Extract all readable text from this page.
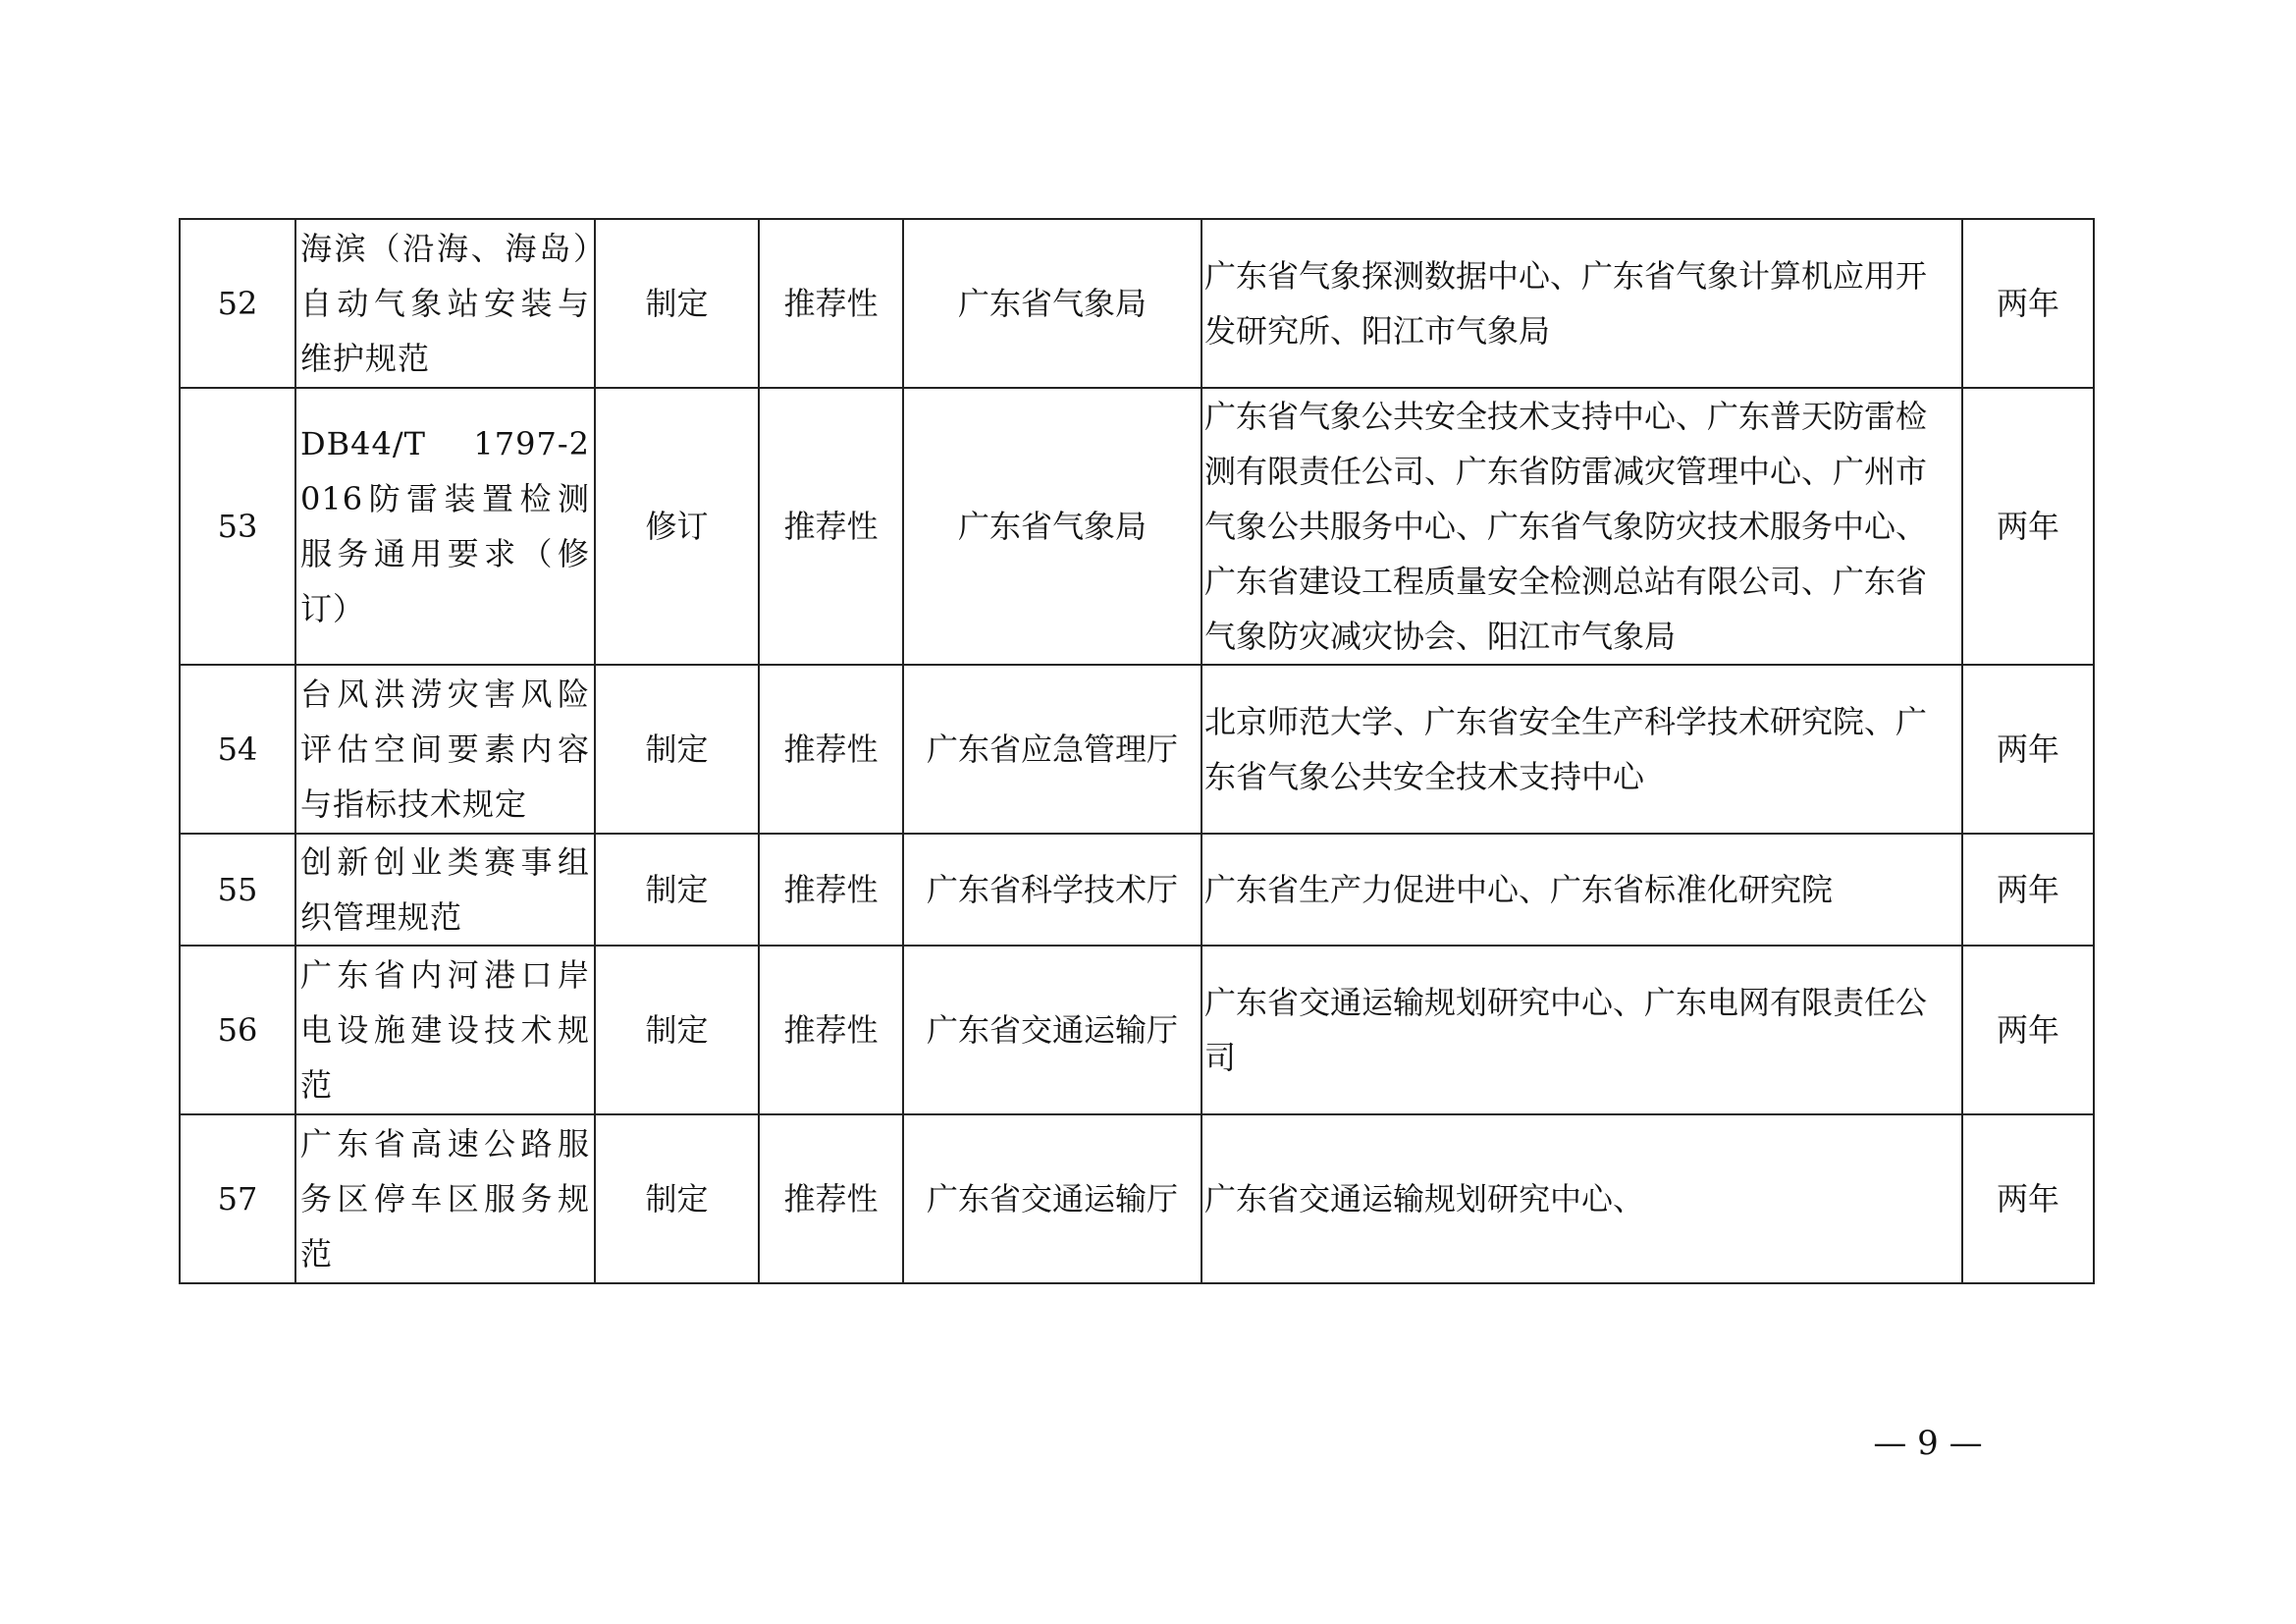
52	海滨（沿海、海岛）自动气象站安装与维护规范	制定	推荐性	广东省气象局	广东省气象探测数据中心、广东省气象计算机应用开发研究所、阳江市气象局	两年
53	DB44/T　1797-2016防雷装置检测服务通用要求（修订）	修订	推荐性	广东省气象局	广东省气象公共安全技术支持中心、广东普天防雷检测有限责任公司、广东省防雷减灾管理中心、广州市气象公共服务中心、广东省气象防灾技术服务中心、广东省建设工程质量安全检测总站有限公司、广东省气象防灾减灾协会、阳江市气象局	两年
54	台风洪涝灾害风险评估空间要素内容与指标技术规定	制定	推荐性	广东省应急管理厅	北京师范大学、广东省安全生产科学技术研究院、广东省气象公共安全技术支持中心	两年
55	创新创业类赛事组织管理规范	制定	推荐性	广东省科学技术厅	广东省生产力促进中心、广东省标准化研究院	两年
56	广东省内河港口岸电设施建设技术规范	制定	推荐性	广东省交通运输厅	广东省交通运输规划研究中心、广东电网有限责任公司	两年
57	广东省高速公路服务区停车区服务规范	制定	推荐性	广东省交通运输厅	广东省交通运输规划研究中心、	两年
— 9 —
